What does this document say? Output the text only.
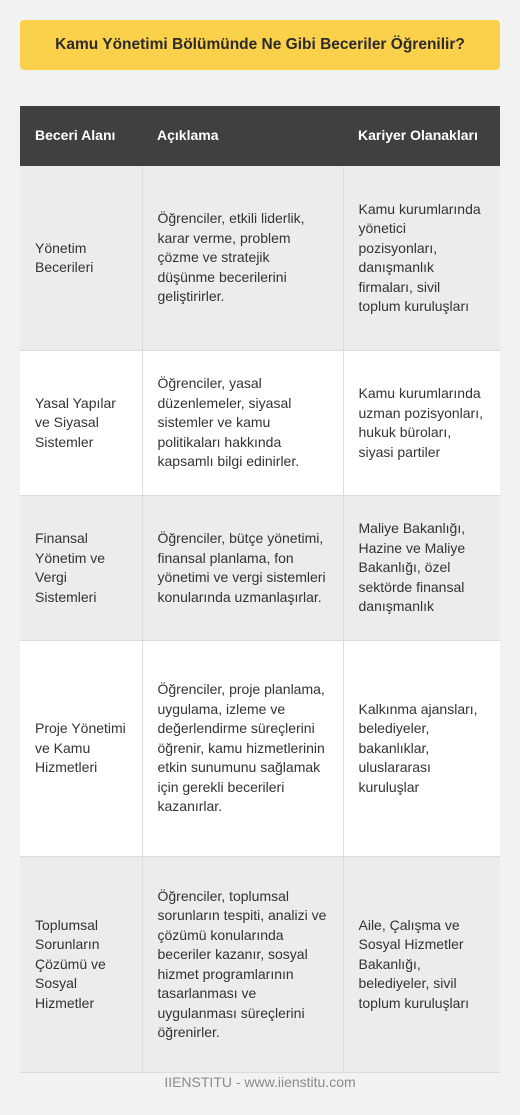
Kamu Yönetimi Bölümünde Ne Gibi Beceriler Öğrenilir?
Beceri Alanı	Açıklama	Kariyer Olanakları
Yönetim Becerileri	Öğrenciler, etkili liderlik, karar verme, problem çözme ve stratejik düşünme becerilerini geliştirirler.	Kamu kurumlarında yönetici pozisyonları, danışmanlık firmaları, sivil toplum kuruluşları
Yasal Yapılar ve Siyasal Sistemler	Öğrenciler, yasal düzenlemeler, siyasal sistemler ve kamu politikaları hakkında kapsamlı bilgi edinirler.	Kamu kurumlarında uzman pozisyonları, hukuk büroları, siyasi partiler
Finansal Yönetim ve Vergi Sistemleri	Öğrenciler, bütçe yönetimi, finansal planlama, fon yönetimi ve vergi sistemleri konularında uzmanlaşırlar.	Maliye Bakanlığı, Hazine ve Maliye Bakanlığı, özel sektörde finansal danışmanlık
Proje Yönetimi ve Kamu Hizmetleri	Öğrenciler, proje planlama, uygulama, izleme ve değerlendirme süreçlerini öğrenir, kamu hizmetlerinin etkin sunumunu sağlamak için gerekli becerileri kazanırlar.	Kalkınma ajansları, belediyeler, bakanlıklar, uluslararası kuruluşlar
Toplumsal Sorunların Çözümü ve Sosyal Hizmetler	Öğrenciler, toplumsal sorunların tespiti, analizi ve çözümü konularında beceriler kazanır, sosyal hizmet programlarının tasarlanması ve uygulanması süreçlerini öğrenirler.	Aile, Çalışma ve Sosyal Hizmetler Bakanlığı, belediyeler, sivil toplum kuruluşları
IIENSTITU - www.iienstitu.com
